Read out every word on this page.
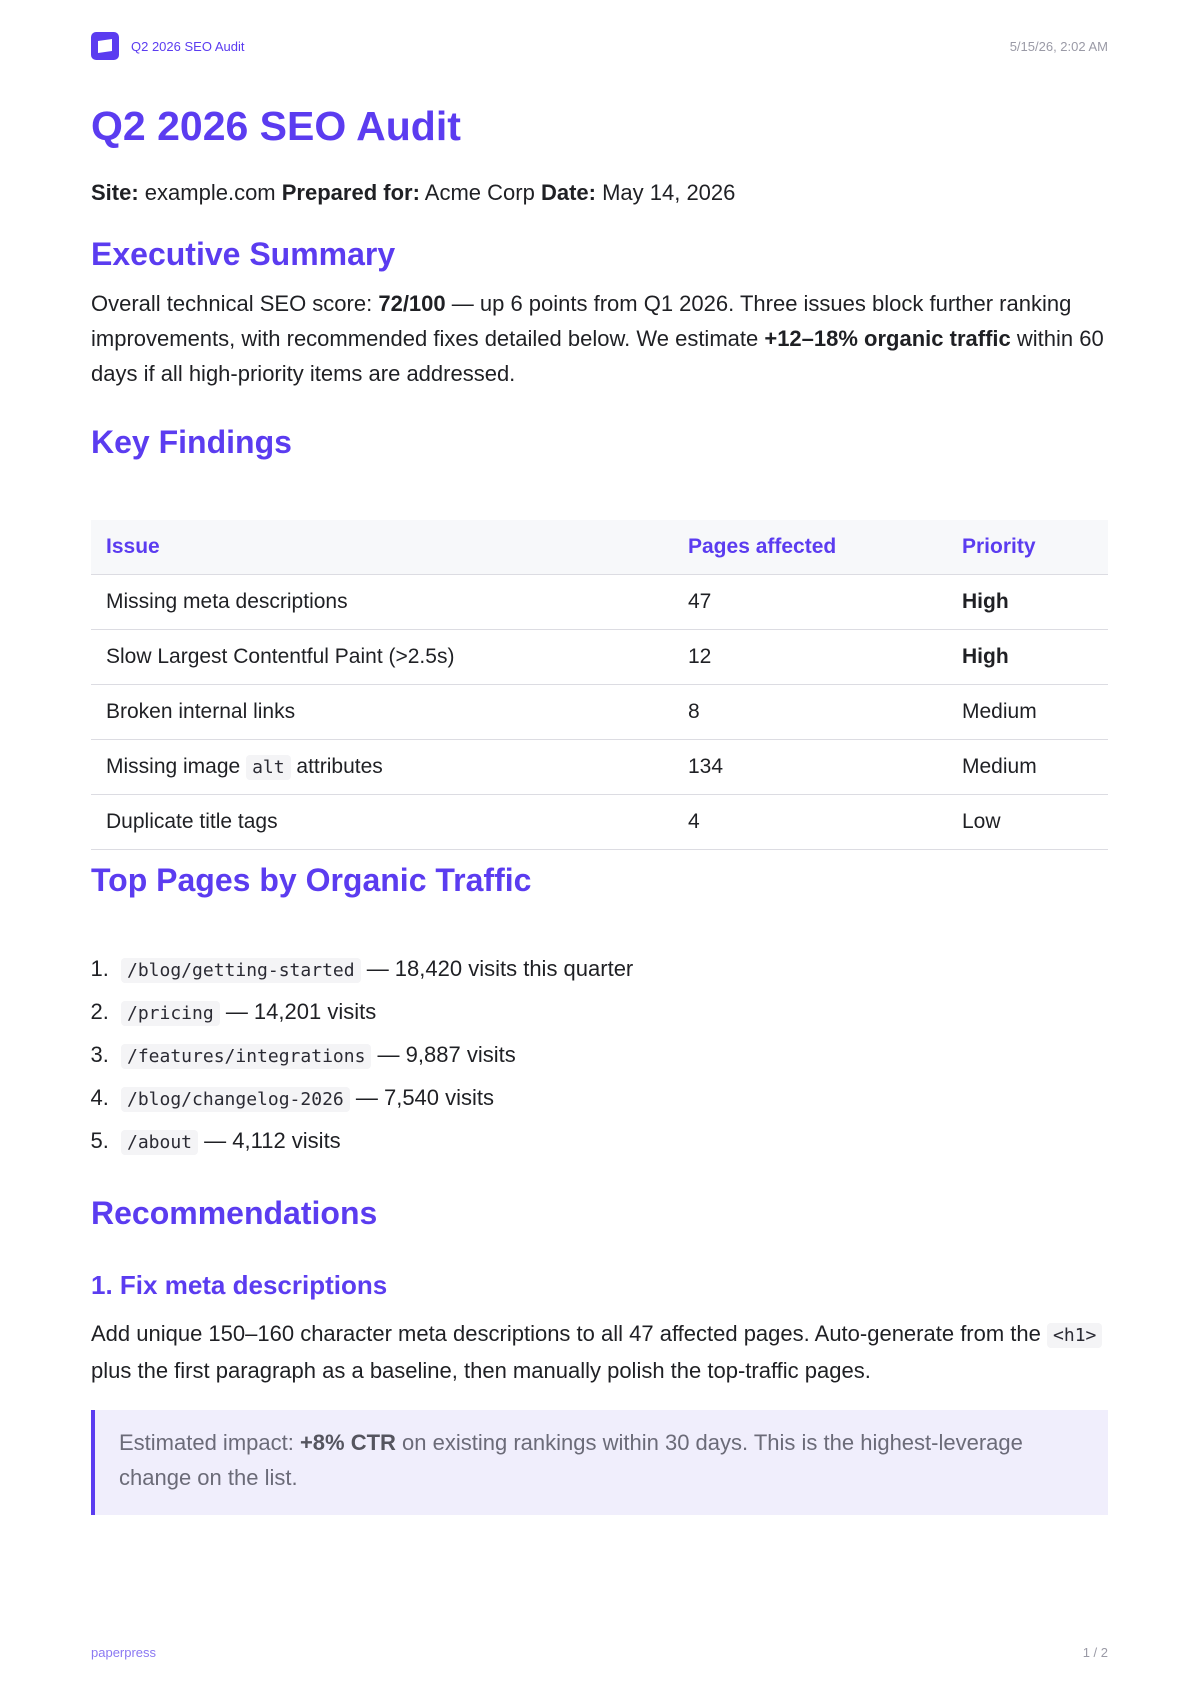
Q2 2026 SEO Audit	5/15/26, 2:02 AM
Q2 2026 SEO Audit

Site: example.com Prepared for: Acme Corp Date: May 14, 2026

Executive Summary

Overall technical SEO score: 72/100 — up 6 points from Q1 2026. Three issues block further ranking improvements, with recommended fixes detailed below. We estimate +12–18% organic traffic within 60 days if all high-priority items are addressed.

Key Findings
Issue	Pages affected	Priority
Missing meta descriptions	47	High
Slow Largest Contentful Paint (>2.5s)	12	High
Broken internal links	8	Medium
Missing image alt attributes	134	Medium
Duplicate title tags	4	Low
Top Pages by Organic Traffic
1. /blog/getting-started — 18,420 visits this quarter
2. /pricing — 14,201 visits
3. /features/integrations — 9,887 visits
4. /blog/changelog-2026 — 7,540 visits
5. /about — 4,112 visits
Recommendations
1. Fix meta descriptions

Add unique 150–160 character meta descriptions to all 47 affected pages. Auto-generate from the <h1> plus the first paragraph as a baseline, then manually polish the top-traffic pages.

Estimated impact: +8% CTR on existing rankings within 30 days. This is the highest-leverage change on the list.
paperpress	1 / 2
